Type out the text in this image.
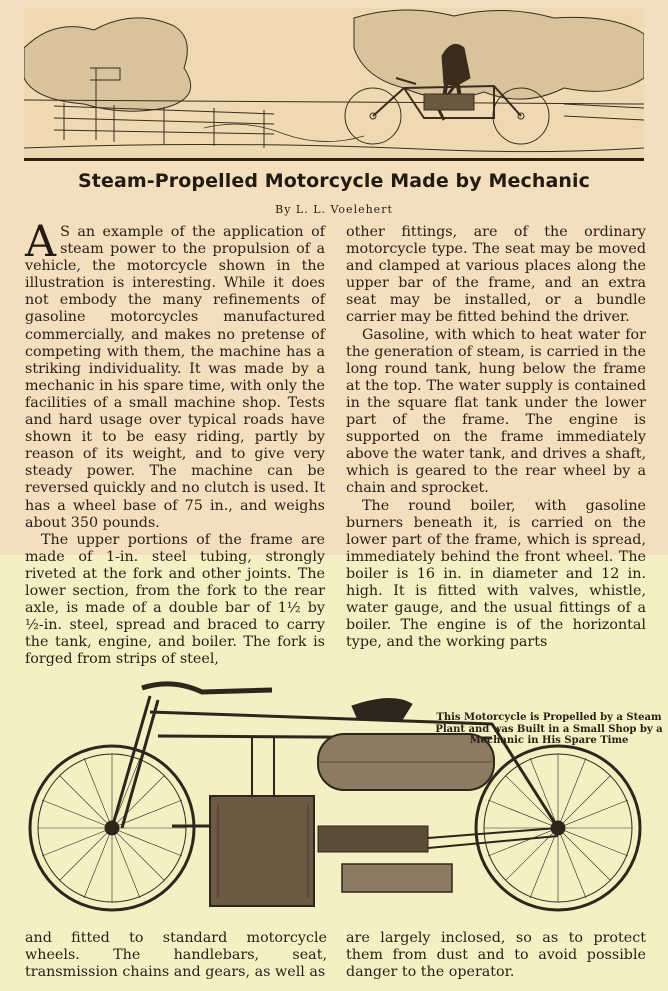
Steam-Propelled Motorcycle Made by Mechanic
By L. L. Voelehert

A S an example of the application of steam power to the propulsion of a vehicle, the motorcycle shown in the illustration is interesting. While it does not embody the many refinements of gasoline motorcycles manufactured commercially, and makes no pretense of competing with them, the machine has a striking individuality. It was made by a mechanic in his spare time, with only the facilities of a small machine shop. Tests and hard usage over typical roads have shown it to be easy riding, partly by reason of its weight, and to give very steady power. The machine can be reversed quickly and no clutch is used. It has a wheel base of 75 in., and weighs about 350 pounds.

The upper portions of the frame are made of 1-in. steel tubing, strongly riveted at the fork and other joints. The lower section, from the fork to the rear axle, is made of a double bar of 1½ by ½-in. steel, spread and braced to carry the tank, engine, and boiler. The fork is forged from strips of steel,

other fittings, are of the ordinary motorcycle type. The seat may be moved and clamped at various places along the upper bar of the frame, and an extra seat may be installed, or a bundle carrier may be fitted behind the driver.

Gasoline, with which to heat water for the generation of steam, is carried in the long round tank, hung below the frame at the top. The water supply is contained in the square flat tank under the lower part of the frame. The engine is supported on the frame immediately above the water tank, and drives a shaft, which is geared to the rear wheel by a chain and sprocket.

The round boiler, with gasoline burners beneath it, is carried on the lower part of the frame, which is spread, immediately behind the front wheel. The boiler is 16 in. in diameter and 12 in. high. It is fitted with valves, whistle, water gauge, and the usual fittings of a boiler. The engine is of the horizontal type, and the working parts

This Motorcycle is Propelled by a Steam Plant and was Built in a Small Shop by a Mechanic in His Spare Time
and fitted to standard motorcycle wheels. The handlebars, seat, transmission chains and gears, as well as
are largely inclosed, so as to protect them from dust and to avoid possible danger to the operator.
